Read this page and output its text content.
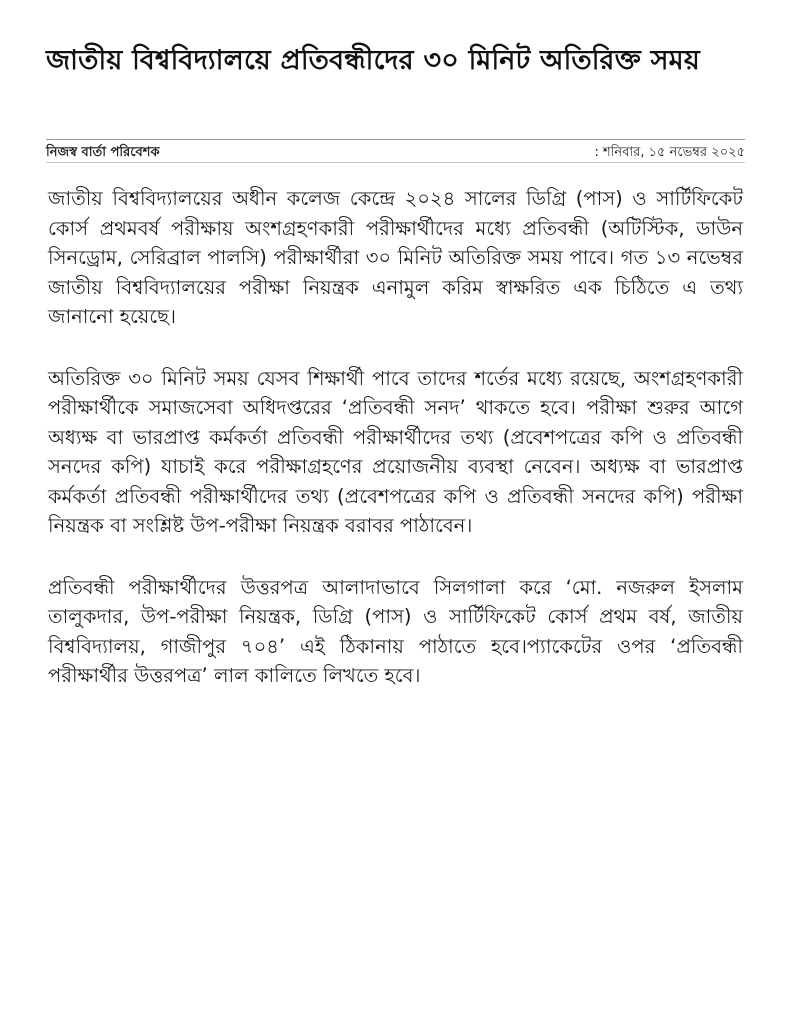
জাতীয় বিশ্ববিদ্যালয়ে প্রতিবন্ধীদের ৩০ মিনিট অতিরিক্ত সময়
নিজস্ব বার্তা পরিবেশক	: শনিবার, ১৫ নভেম্বর ২০২৫

জাতীয় বিশ্ববিদ্যালয়ের অধীন কলেজ কেন্দ্রে ২০২৪ সালের ডিগ্রি (পাস) ও সার্টিফিকেট কোর্স প্রথমবর্ষ পরীক্ষায় অংশগ্রহণকারী পরীক্ষার্থীদের মধ্যে প্রতিবন্ধী (অটিস্টিক, ডাউন সিনড্রোম, সেরিব্রাল পালসি) পরীক্ষার্থীরা ৩০ মিনিট অতিরিক্ত সময় পাবে। গত ১৩ নভেম্বর জাতীয় বিশ্ববিদ্যালয়ের পরীক্ষা নিয়ন্ত্রক এনামুল করিম স্বাক্ষরিত এক চিঠিতে এ তথ্য জানানো হয়েছে।

অতিরিক্ত ৩০ মিনিট সময় যেসব শিক্ষার্থী পাবে তাদের শর্তের মধ্যে রয়েছে, অংশগ্রহণকারী পরীক্ষার্থীকে সমাজসেবা অধিদপ্তরের ‘প্রতিবন্ধী সনদ’ থাকতে হবে। পরীক্ষা শুরুর আগে অধ্যক্ষ বা ভারপ্রাপ্ত কর্মকর্তা প্রতিবন্ধী পরীক্ষার্থীদের তথ্য (প্রবেশপত্রের কপি ও প্রতিবন্ধী সনদের কপি) যাচাই করে পরীক্ষাগ্রহণের প্রয়োজনীয় ব্যবস্থা নেবেন। অধ্যক্ষ বা ভারপ্রাপ্ত কর্মকর্তা প্রতিবন্ধী পরীক্ষার্থীদের তথ্য (প্রবেশপত্রের কপি ও প্রতিবন্ধী সনদের কপি) পরীক্ষা নিয়ন্ত্রক বা সংশ্লিষ্ট উপ-পরীক্ষা নিয়ন্ত্রক বরাবর পাঠাবেন।

প্রতিবন্ধী পরীক্ষার্থীদের উত্তরপত্র আলাদাভাবে সিলগালা করে ‘মো. নজরুল ইসলাম তালুকদার, উপ-পরীক্ষা নিয়ন্ত্রক, ডিগ্রি (পাস) ও সার্টিফিকেট কোর্স প্রথম বর্ষ, জাতীয় বিশ্ববিদ্যালয়, গাজীপুর ৭০৪’ এই ঠিকানায় পাঠাতে হবে।প্যাকেটের ওপর ‘প্রতিবন্ধী পরীক্ষার্থীর উত্তরপত্র’ লাল কালিতে লিখতে হবে।
